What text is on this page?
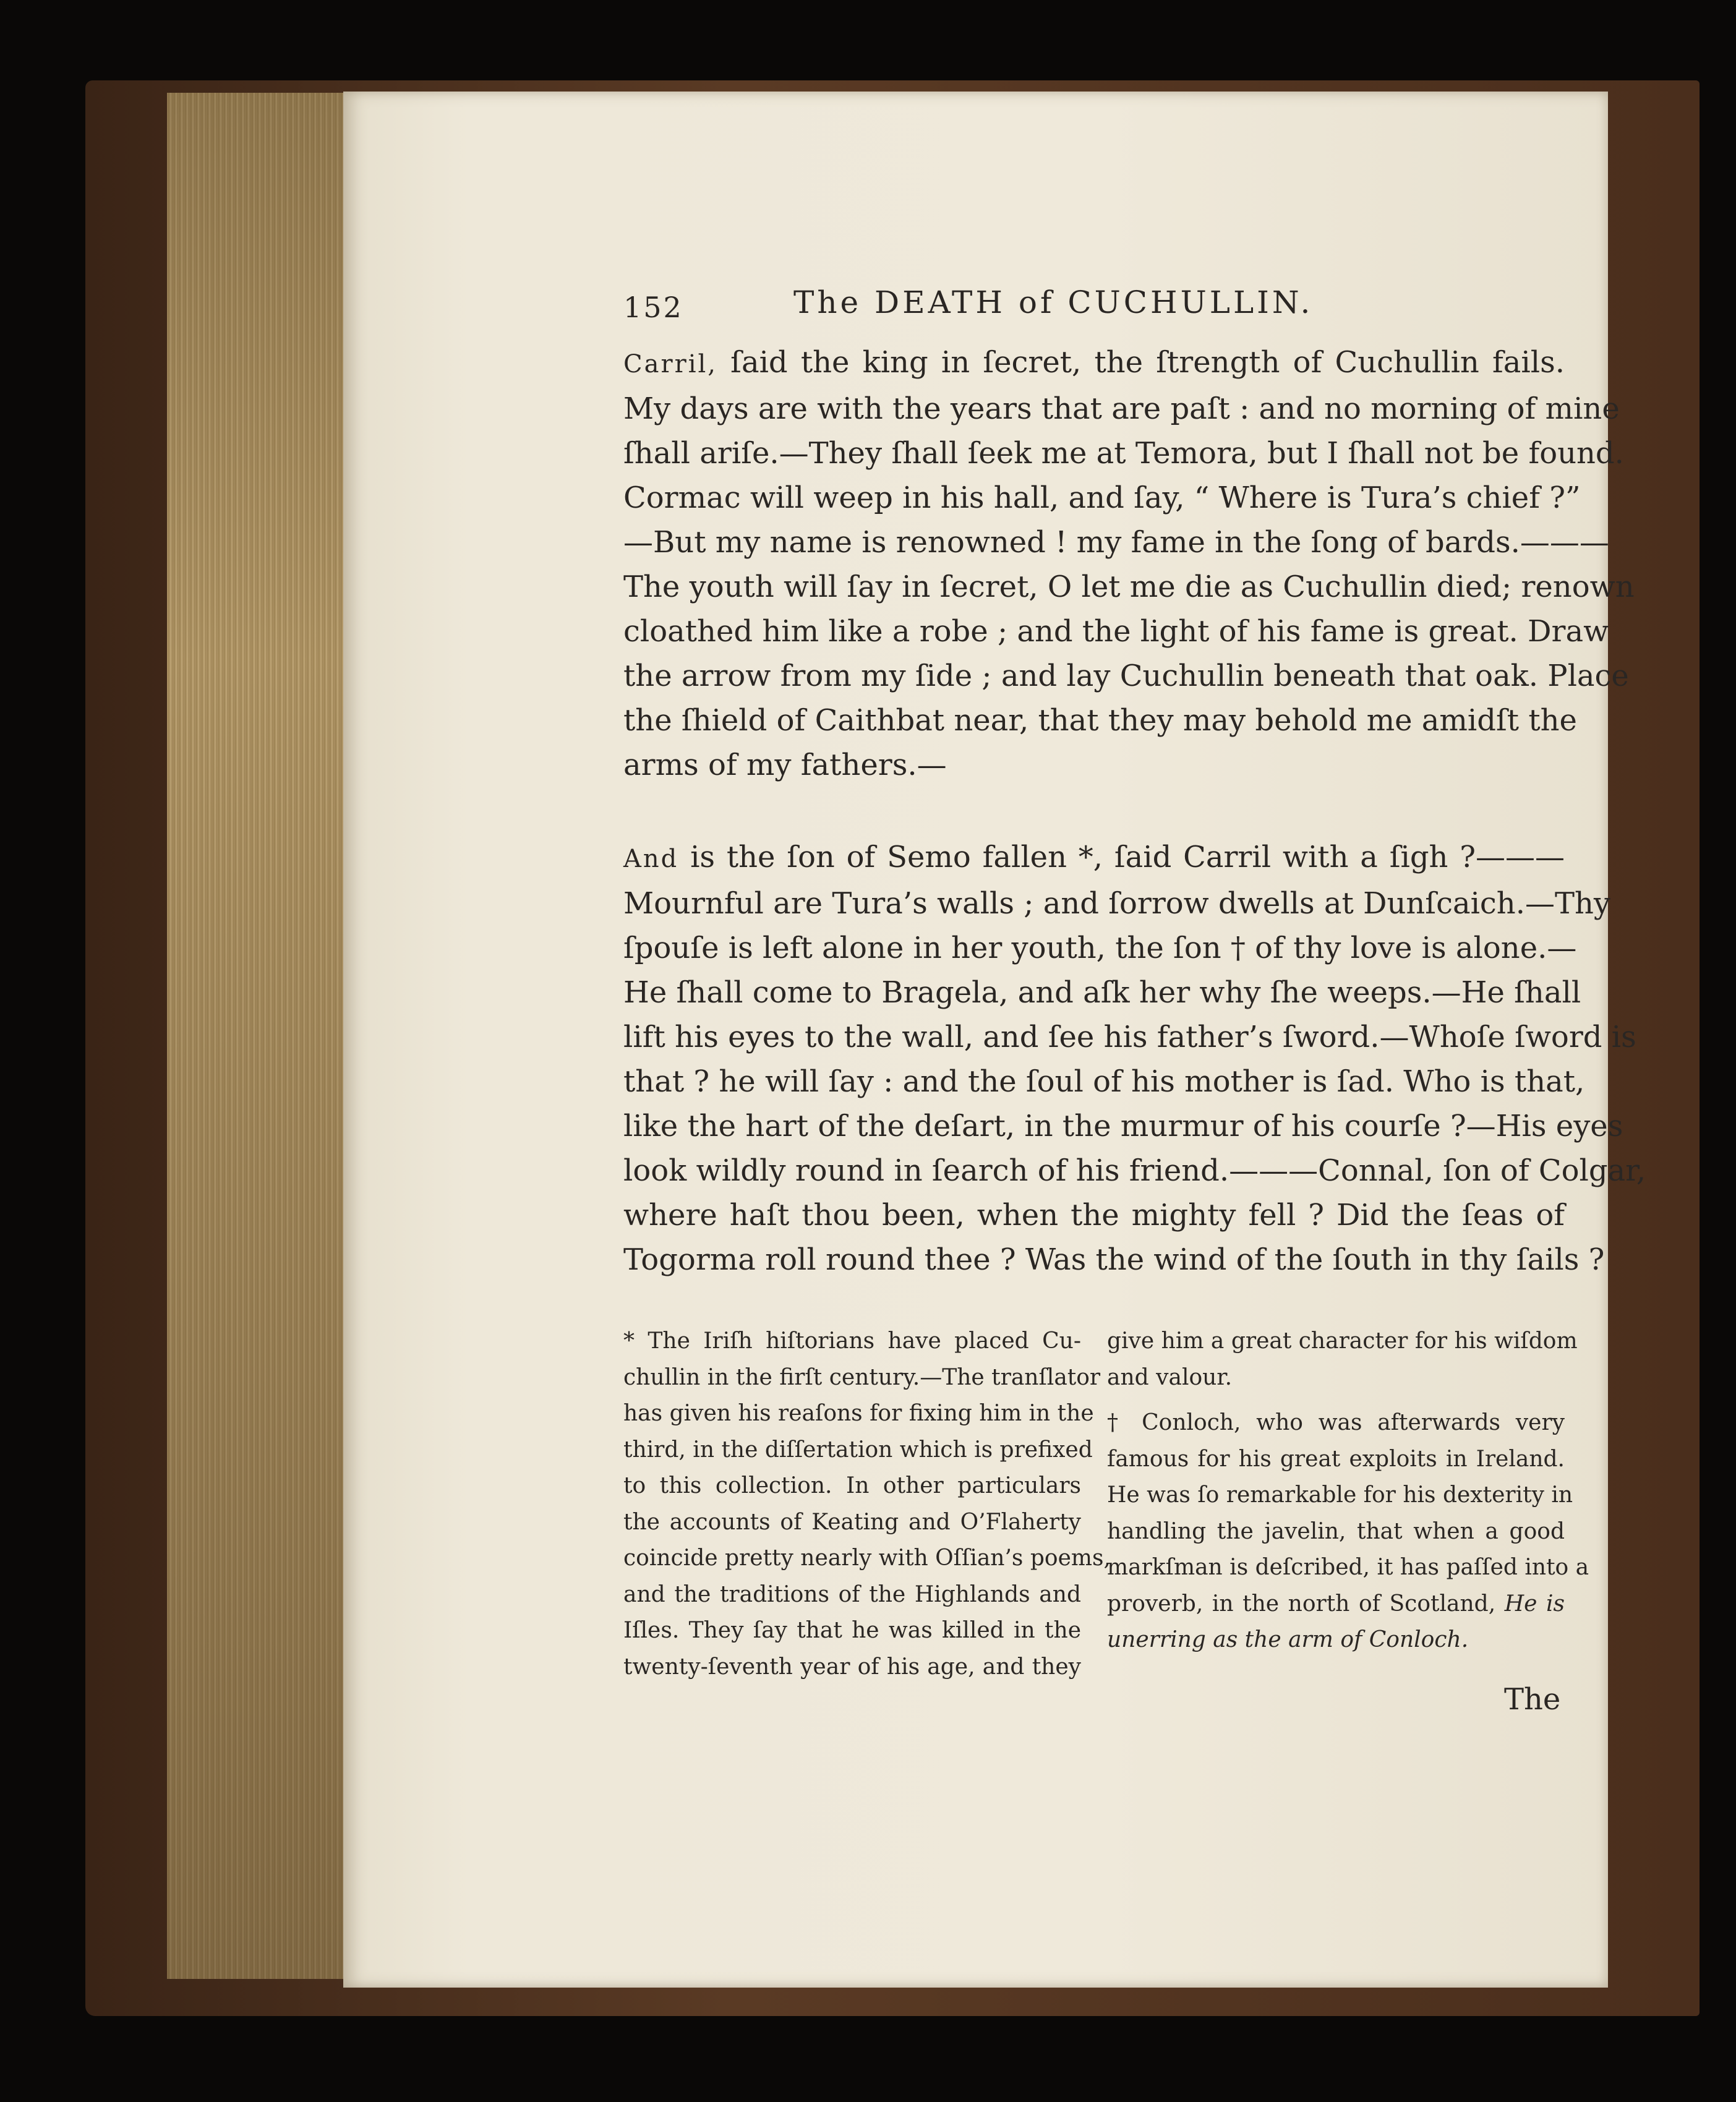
152	The DEATH of CUCHULLIN.

Carril, ſaid the king in ſecret, the ſtrength of Cuchullin fails.
My days are with the years that are paſt : and no morning of mine
ſhall ariſe.—They ſhall ſeek me at Temora, but I ſhall not be found.
Cormac will weep in his hall, and ſay, “ Where is Tura’s chief ?”
—But my name is renowned ! my fame in the ſong of bards.———
The youth will ſay in ſecret, O let me die as Cuchullin died; renown
cloathed him like a robe ; and the light of his fame is great. Draw
the arrow from my ſide ; and lay Cuchullin beneath that oak. Place
the ſhield of Caithbat near, that they may behold me amidſt the
arms of my fathers.—

And is the ſon of Semo fallen *, ſaid Carril with a ſigh ?———
Mournful are Tura’s walls ; and ſorrow dwells at Dunſcaich.—Thy
ſpouſe is left alone in her youth, the ſon † of thy love is alone.—
He ſhall come to Bragela, and aſk her why ſhe weeps.—He ſhall
lift his eyes to the wall, and ſee his father’s ſword.—Whoſe ſword is
that ? he will ſay : and the ſoul of his mother is ſad. Who is that,
like the hart of the deſart, in the murmur of his courſe ?—His eyes
look wildly round in ſearch of his friend.———Connal, ſon of Colgar,
where haſt thou been, when the mighty fell ? Did the ſeas of
Togorma roll round thee ? Was the wind of the ſouth in thy ſails ?

* The Iriſh hiſtorians have placed Cu-
chullin in the firſt century.—The tranſlator
has given his reaſons for fixing him in the
third, in the diſſertation which is prefixed
to this collection. In other particulars
the accounts of Keating and O’Flaherty
coincide pretty nearly with Oſſian’s poems,
and the traditions of the Highlands and
Iſles. They ſay that he was killed in the
twenty-ſeventh year of his age, and they

give him a great character for his wiſdom
and valour.
† Conloch, who was afterwards very
famous for his great exploits in Ireland.
He was ſo remarkable for his dexterity in
handling the javelin, that when a good
markſman is deſcribed, it has paſſed into a
proverb, in the north of Scotland, He is
unerring as the arm of Conloch.

The
